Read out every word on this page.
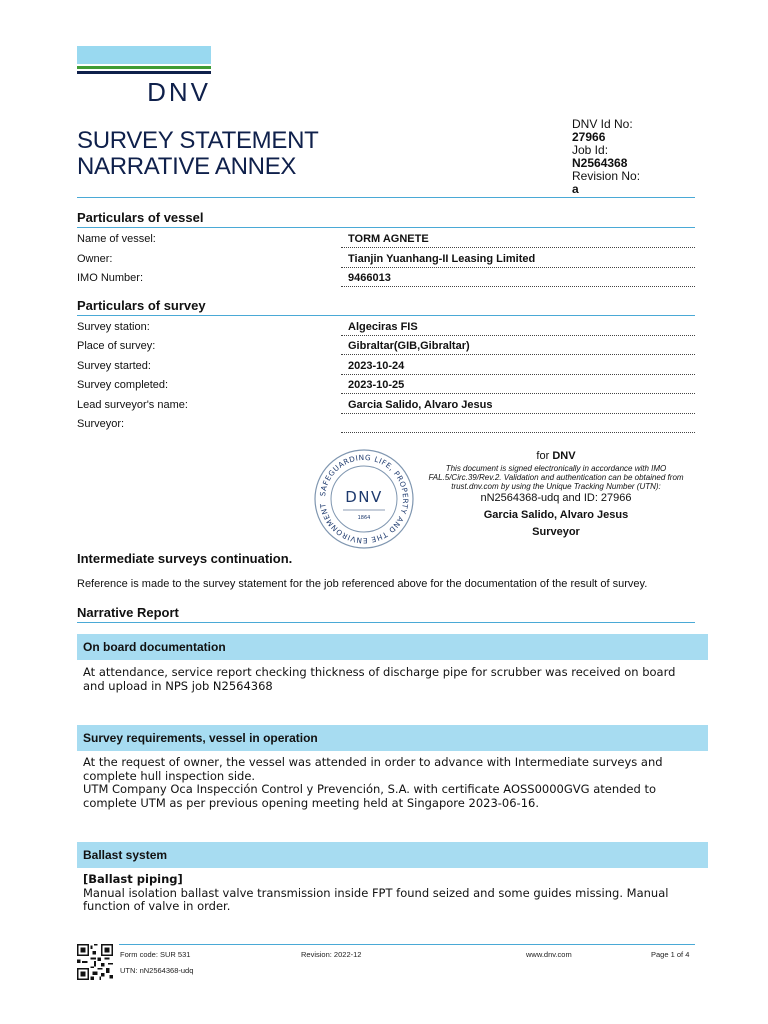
DNV
SURVEY STATEMENT
NARRATIVE ANNEX
DNV Id No:
27966
Job Id:
N2564368
Revision No:
a
Particulars of vessel
Name of vessel:	TORM AGNETE
Owner:	Tianjin Yuanhang-II Leasing Limited
IMO Number:	9466013
Particulars of survey
Survey station:	Algeciras FIS
Place of survey:	Gibraltar(GIB,Gibraltar)
Survey started:	2023-10-24
Survey completed:	2023-10-25
Lead surveyor's name:	Garcia Salido, Alvaro Jesus
Surveyor:
SAFEGUARDING LIFE, PROPERTY AND THE ENVIRONMENT	DNV
1864
for DNV
This document is signed electronically in accordance with IMO
FAL.5/Circ.39/Rev.2. Validation and authentication can be obtained from
trust.dnv.com by using the Unique Tracking Number (UTN):
nN2564368-udq and ID: 27966
Garcia Salido, Alvaro Jesus
Surveyor
Intermediate surveys continuation.
Reference is made to the survey statement for the job referenced above for the documentation of the result of survey.
Narrative Report
On board documentation
At attendance, service report checking thickness of discharge pipe for scrubber was received on board
and upload in NPS job N2564368
Survey requirements, vessel in operation
At the request of owner, the vessel was attended in order to advance with Intermediate surveys and
complete hull inspection side.
UTM Company Oca Inspección Control y Prevención, S.A. with certificate AOSS0000GVG atended to
complete UTM as per previous opening meeting held at Singapore 2023-06-16.
Ballast system
[Ballast piping]
Manual isolation ballast valve transmission inside FPT found seized and some guides missing. Manual
function of valve in order.
Form code: SUR 531	Revision: 2022-12	www.dnv.com	Page 1 of 4
UTN: nN2564368-udq
